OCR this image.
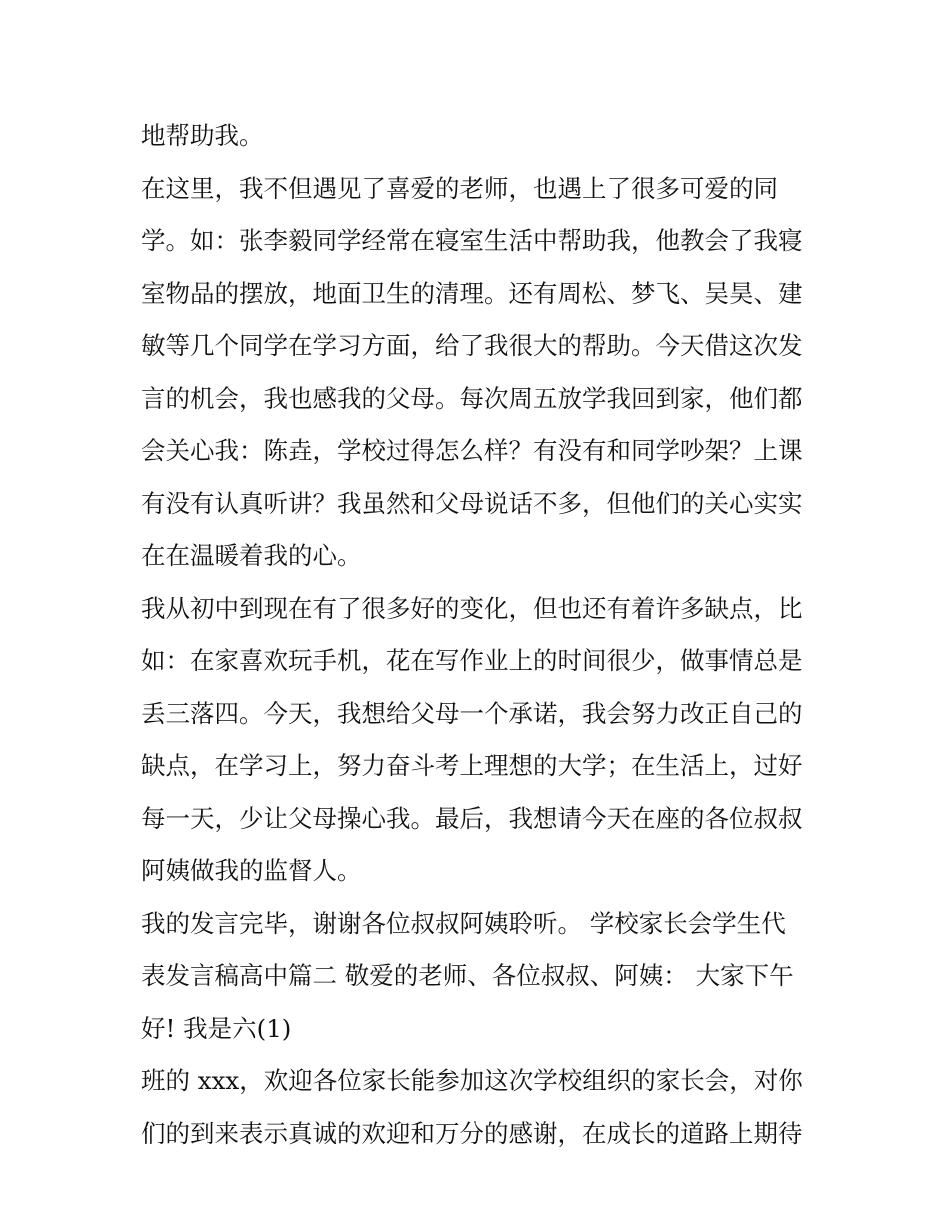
地帮助我。
在这里，我不但遇见了喜爱的老师，也遇上了很多可爱的同
学。如：张李毅同学经常在寝室生活中帮助我，他教会了我寝
室物品的摆放，地面卫生的清理。还有周松、梦飞、吴昊、建
敏等几个同学在学习方面，给了我很大的帮助。今天借这次发
言的机会，我也感我的父母。每次周五放学我回到家，他们都
会关心我：陈垚，学校过得怎么样？有没有和同学吵架？上课
有没有认真听讲？我虽然和父母说话不多，但他们的关心实实
在在温暖着我的心。
我从初中到现在有了很多好的变化，但也还有着许多缺点，比
如：在家喜欢玩手机，花在写作业上的时间很少，做事情总是
丢三落四。今天，我想给父母一个承诺，我会努力改正自己的
缺点，在学习上，努力奋斗考上理想的大学；在生活上，过好
每一天，少让父母操心我。最后，我想请今天在座的各位叔叔
阿姨做我的监督人。
我的发言完毕，谢谢各位叔叔阿姨聆听。 学校家长会学生代
表发言稿高中篇二 敬爱的老师、各位叔叔、阿姨： 大家下午
好! 我是六(1)
班的 xxx，欢迎各位家长能参加这次学校组织的家长会，对你
们的到来表示真诚的欢迎和万分的感谢，在成长的道路上期待
